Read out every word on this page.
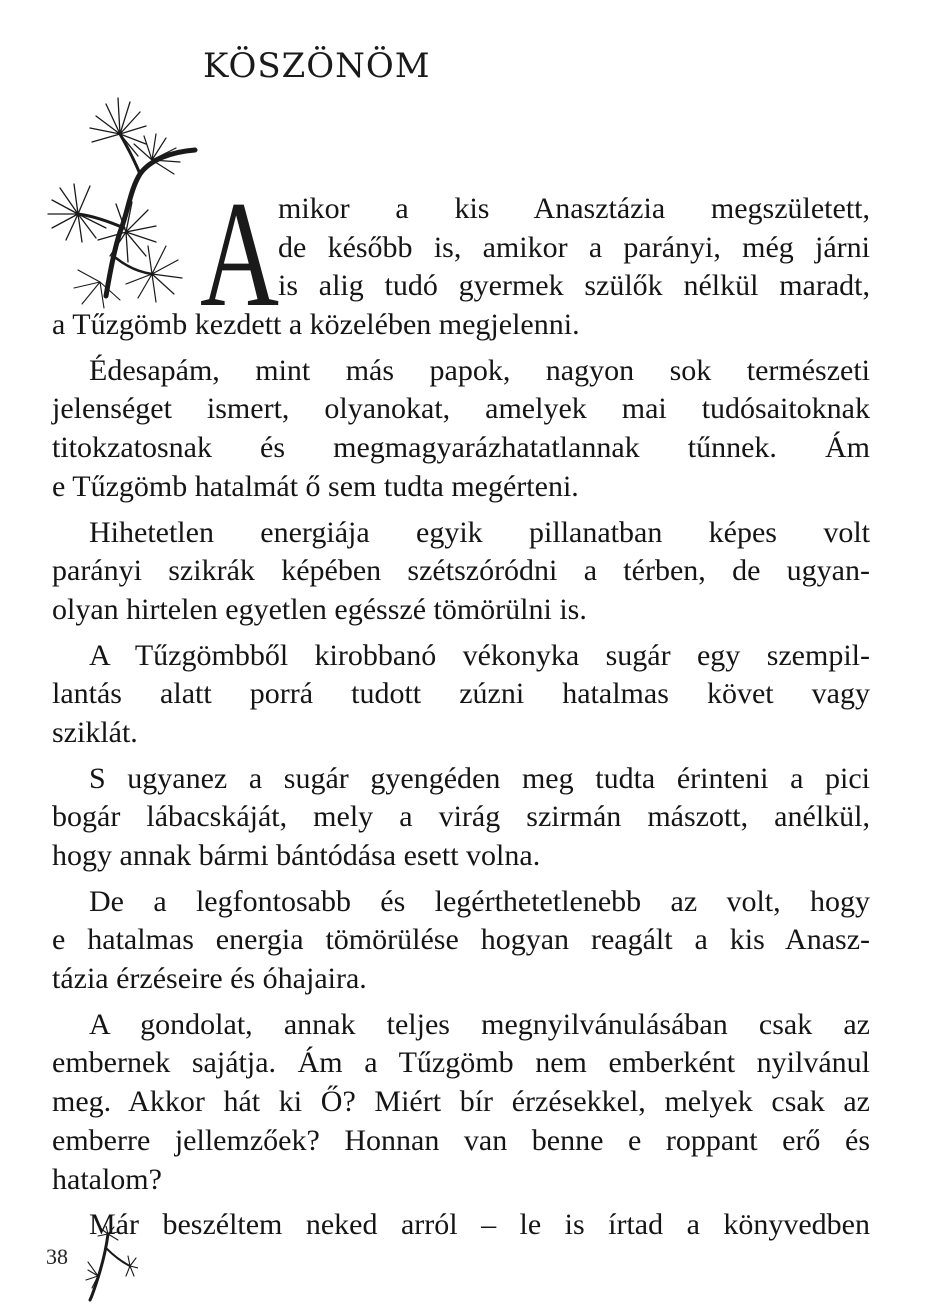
KÖSZÖNÖM
A
mikor a kis Anasztázia megszületett,
de később is, amikor a parányi, még járni
is alig tudó gyermek szülők nélkül maradt,
a Tűzgömb kezdett a közelében megjelenni.
Édesapám, mint más papok, nagyon sok természeti
jelenséget ismert, olyanokat, amelyek mai tudósaitoknak
titokzatosnak és megmagyarázhatatlannak tűnnek. Ám
e Tűzgömb hatalmát ő sem tudta megérteni.
Hihetetlen energiája egyik pillanatban képes volt
parányi szikrák képében szétszóródni a térben, de ugyan-
olyan hirtelen egyetlen egésszé tömörülni is.
A Tűzgömbből kirobbanó vékonyka sugár egy szempil-
lantás alatt porrá tudott zúzni hatalmas követ vagy
sziklát.
S ugyanez a sugár gyengéden meg tudta érinteni a pici
bogár lábacskáját, mely a virág szirmán mászott, anélkül,
hogy annak bármi bántódása esett volna.
De a legfontosabb és legérthetetlenebb az volt, hogy
e hatalmas energia tömörülése hogyan reagált a kis Anasz-
tázia érzéseire és óhajaira.
A gondolat, annak teljes megnyilvánulásában csak az
embernek sajátja. Ám a Tűzgömb nem emberként nyilvánul
meg. Akkor hát ki Ő? Miért bír érzésekkel, melyek csak az
emberre jellemzőek? Honnan van benne e roppant erő és
hatalom?
Már beszéltem neked arról – le is írtad a könyvedben
38
